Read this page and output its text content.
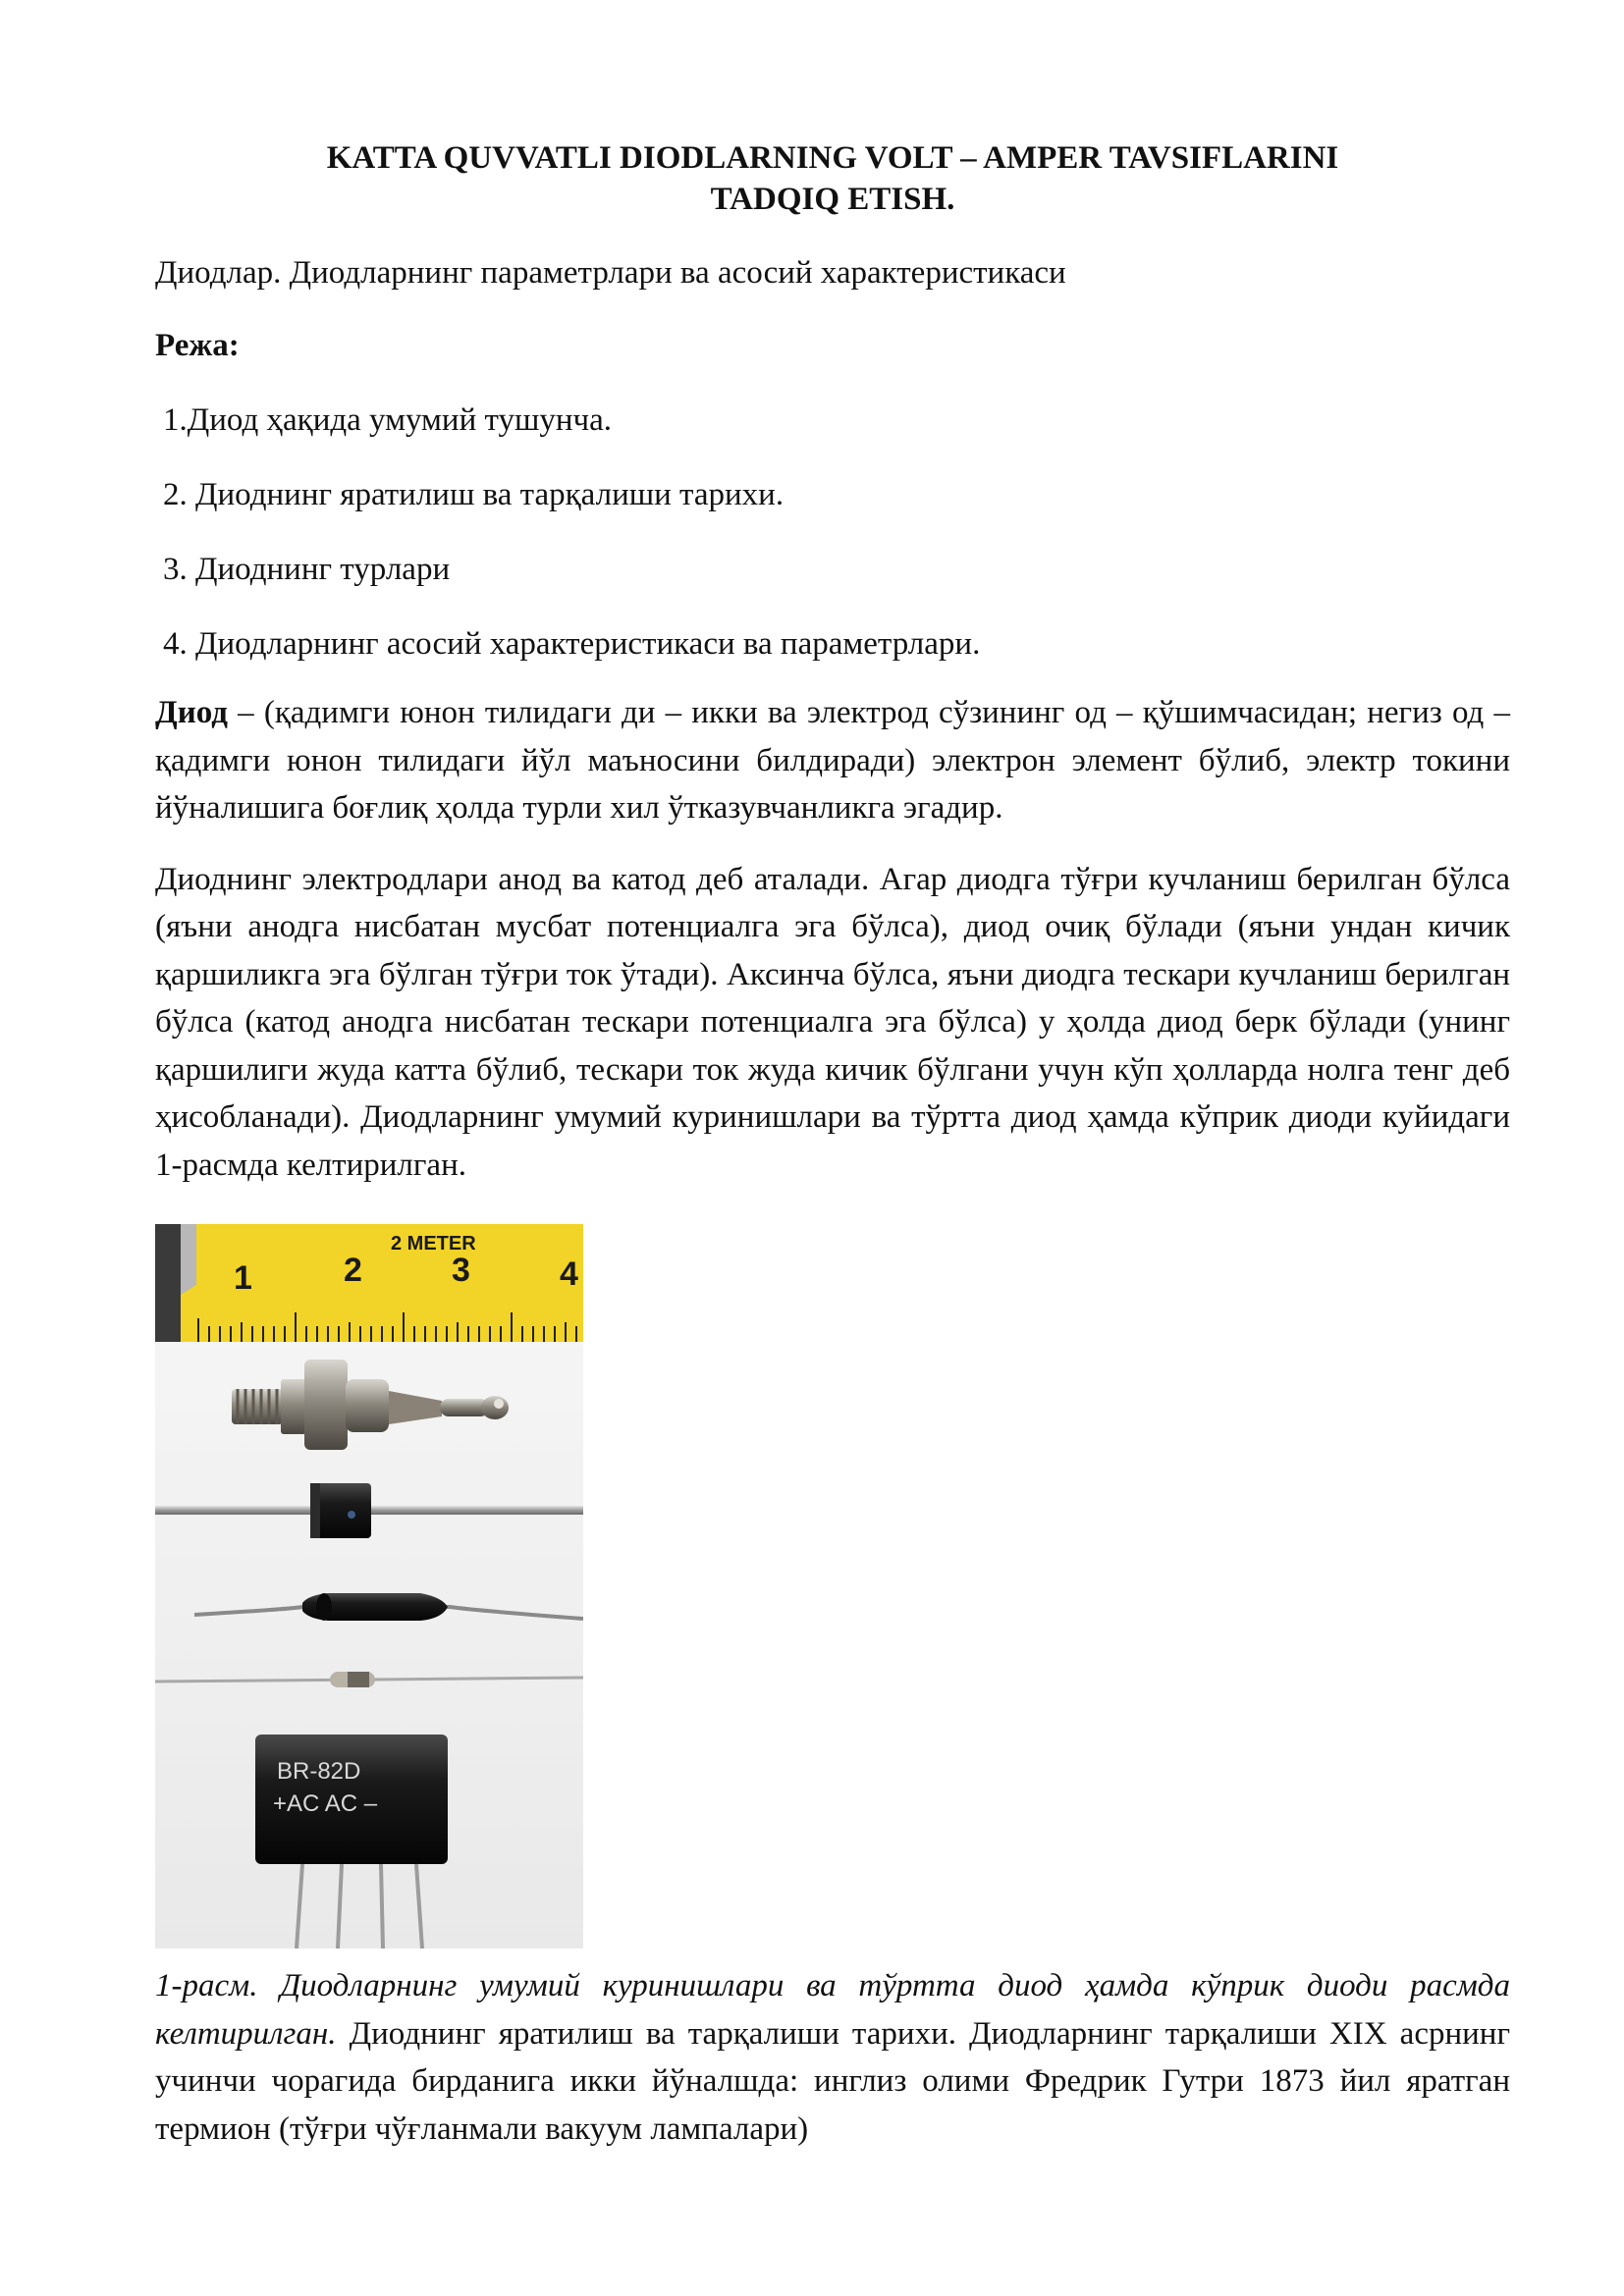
KATTA QUVVATLI DIODLARNING VOLT – AMPER TAVSIFLARINI
TADQIQ ETISH.

Диодлар. Диодларнинг параметрлари ва асосий характеристикаси

Режа:

1.Диод ҳақида умумий тушунча.
2. Диоднинг яратилиш ва тарқалиши тарихи.
3. Диоднинг турлари
4. Диодларнинг асосий характеристикаси ва параметрлари.

Диод – (қадимги юнон тилидаги ди – икки ва электрод сўзининг од – қўшимчасидан; негиз од – қадимги юнон тилидаги йўл маъносини билдиради) электрон элемент бўлиб, электр токини йўналишига боғлиқ ҳолда турли хил ўтказувчанликга эгадир.

Диоднинг электродлари анод ва катод деб аталади. Агар диодга тўғри кучланиш берилган бўлса (яъни анодга нисбатан мусбат потенциалга эга бўлса), диод очиқ бўлади (яъни ундан кичик қаршиликга эга бўлган тўғри ток ўтади). Аксинча бўлса, яъни диодга тескари кучланиш берилган бўлса (катод анодга нисбатан тескари потенциалга эга бўлса) у ҳолда диод берк бўлади (унинг қаршилиги жуда катта бўлиб, тескари ток жуда кичик бўлгани учун кўп ҳолларда нолга тенг деб ҳисобланади). Диодларнинг умумий куринишлари ва тўртта диод ҳамда кўприк диоди куйидаги 1-расмда келтирилган.

2 METER
1	2	3	4
BR-82D
+AC AC –

1-расм. Диодларнинг умумий куринишлари ва тўртта диод ҳамда кўприк диоди расмда келтирилган. Диоднинг яратилиш ва тарқалиши тарихи. Диодларнинг тарқалиши XIX асрнинг учинчи чорагида бирданига икки йўналшда: инглиз олими Фредрик Гутри 1873 йил яратган термион (тўғри чўғланмали вакуум лампалари)
